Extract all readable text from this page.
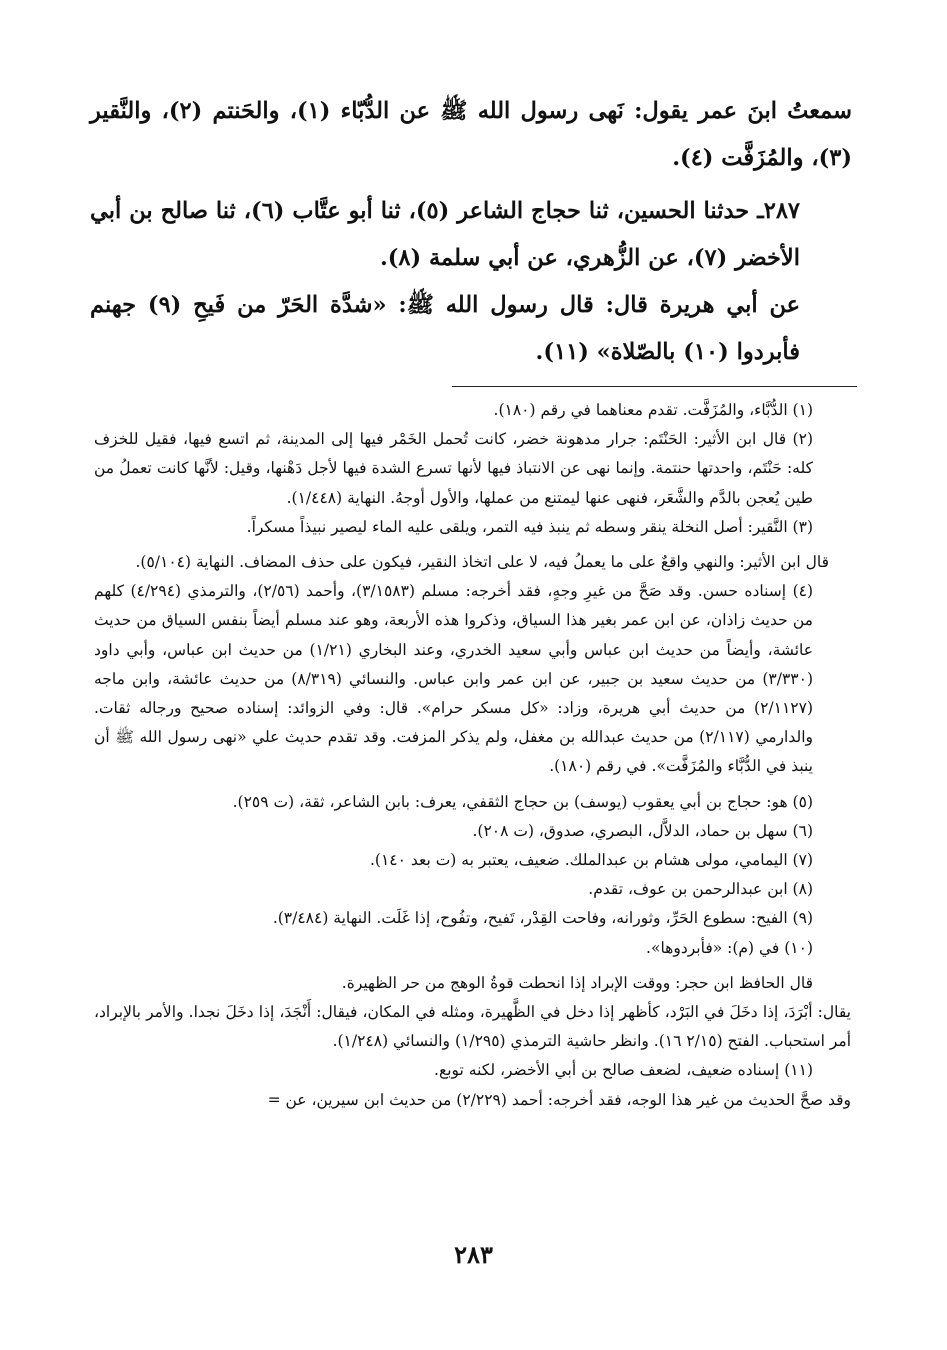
سمعتُ ابنَ عمر يقول: نَهى رسول الله ﷺ عن الدُّبّاء (١)، والحَنتم (٢)، والنَّقير (٣)، والمُزَفَّت (٤).

٢٨٧ـ حدثنا الحسين، ثنا حجاج الشاعر (٥)، ثنا أبو عتَّاب (٦)، ثنا صالح بن أبي الأخضر (٧)، عن الزُّهري، عن أبي سلمة (٨).

عن أبي هريرة قال: قال رسول الله ﷺ: «شدَّة الحَرّ من فَيحِ (٩) جهنم فأبردوا (١٠) بالصّلاة» (١١).

(١) الدُّبَّاء، والمُزَفَّت. تقدم معناهما في رقم (١٨٠).

(٢) قال ابن الأثير: الحَنْتَم: جرار مدهونة خضر، كانت تُحمل الخَمْر فيها إلى المدينة، ثم اتسع فيها، فقيل للخزف كله: حَنْتَم، واحدتها حنتمة. وإنما نهى عن الانتباذ فيها لأنها تسرع الشدة فيها لأجل دَهْنها، وقيل: لأنَّها كانت تعملُ من طين يُعجن بالدَّم والشَّعَر، فنهى عنها ليمتنع من عملها، والأول أوجهُ. النهاية (١/٤٤٨).

(٣) النَّقير: أصل النخلة ينقر وسطه ثم ينبذ فيه التمر، ويلقى عليه الماء ليصير نبيذاً مسكراً.

قال ابن الأثير: والنهي واقعٌ على ما يعملُ فيه، لا على اتخاذ النقير، فيكون على حذف المضاف. النهاية (٥/١٠٤).

(٤) إسناده حسن. وقد صَحَّ من غيرِ وجهٍ، فقد أخرجه: مسلم (٣/١٥٨٣)، وأحمد (٢/٥٦)، والترمذي (٤/٢٩٤) كلهم من حديث زاذان، عن ابن عمر بغير هذا السياق، وذكروا هذه الأربعة، وهو عند مسلم أيضاً بنفس السياق من حديث عائشة، وأيضاً من حديث ابن عباس وأبي سعيد الخدري، وعند البخاري (١/٢١) من حديث ابن عباس، وأبي داود (٣/٣٣٠) من حديث سعيد بن جبير، عن ابن عمر وابن عباس. والنسائي (٨/٣١٩) من حديث عائشة، وابن ماجه (٢/١١٢٧) من حديث أبي هريرة، وزاد: «كل مسكر حرام». قال: وفي الزوائد: إسناده صحيح ورجاله ثقات. والدارمي (٢/١١٧) من حديث عبدالله بن مغفل، ولم يذكر المزفت. وقد تقدم حديث علي «نهى رسول الله ﷺ أن ينبذ في الدُّبَّاء والمُزَفَّت». في رقم (١٨٠).

(٥) هو: حجاج بن أبي يعقوب (يوسف) بن حجاج الثقفي، يعرف: بابن الشاعر، ثقة، (ت ٢٥٩).

(٦) سهل بن حماد، الدلاَّل، البصري، صدوق، (ت ٢٠٨).

(٧) اليمامي، مولى هشام بن عبدالملك. ضعيف، يعتبر به (ت بعد ١٤٠).

(٨) ابن عبدالرحمن بن عوف، تقدم.

(٩) الفيح: سطوع الحَرِّ، وثورانه، وفاحت القِدْر، تَفيح، وتفُوح، إذا غَلَت. النهاية (٣/٤٨٤).

(١٠) في (م): «فأبردوها».

قال الحافظ ابن حجر: ووقت الإبراد إذا انحطت قوةُ الوهج من حر الظهيرة.

يقال: أبْرَدَ، إذا دخَلَ في البَرْد، كأظهر إذا دخل في الظَّهيرة، ومثله في المكان، فيقال: أَنْجَدَ، إذا دخَلَ نجدا. والأمر بالإبراد، أمر استحباب. الفتح (٢/١٥ ١٦). وانظر حاشية الترمذي (١/٢٩٥) والنسائي (١/٢٤٨).

(١١) إسناده ضعيف، لضعف صالح بن أبي الأخضر، لكنه توبع.

وقد صحَّ الحديث من غير هذا الوجه، فقد أخرجه: أحمد (٢/٢٢٩) من حديث ابن سيرين، عن =

٢٨٣
